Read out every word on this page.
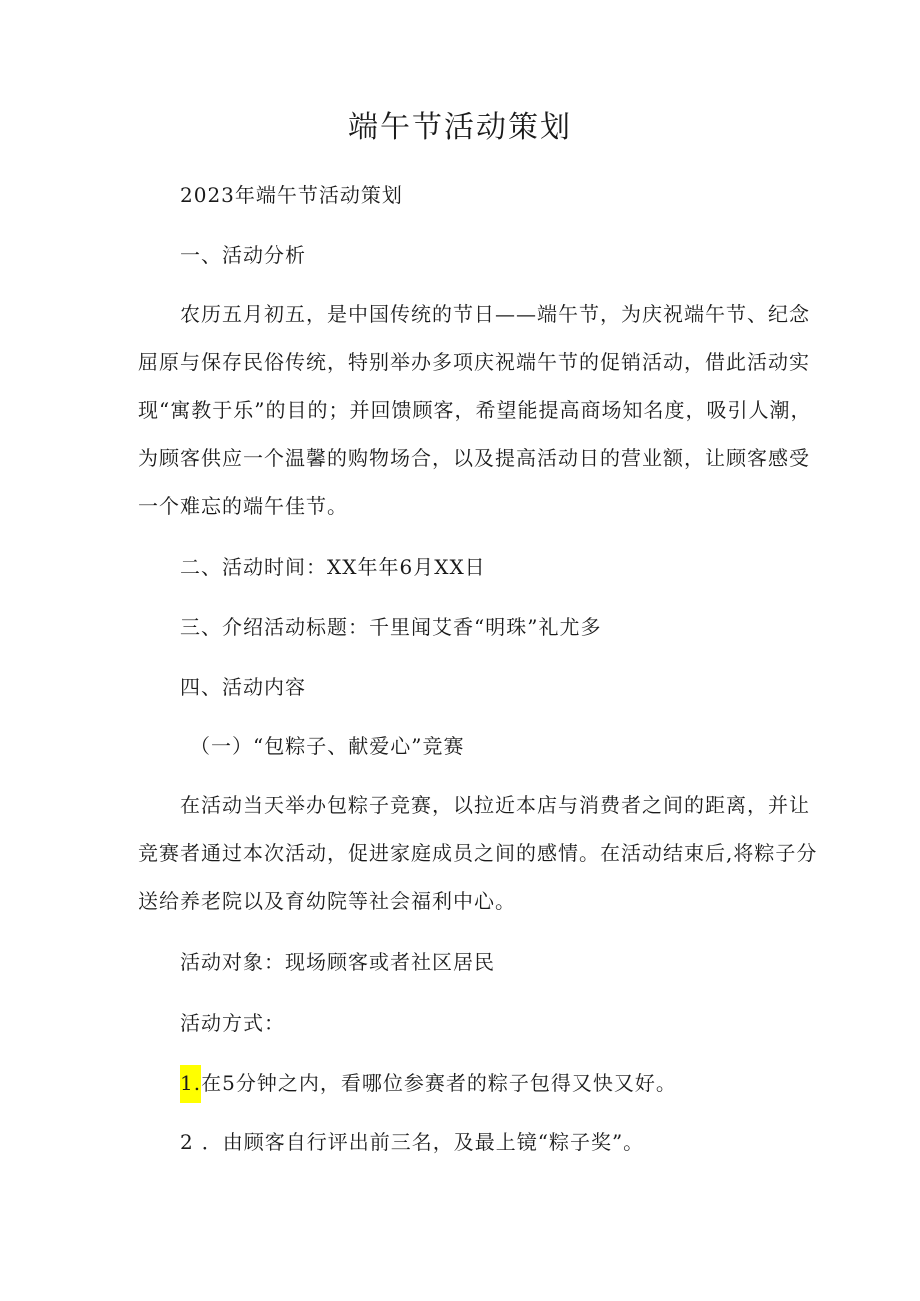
端午节活动策划
2023年端午节活动策划
一、活动分析
农历五月初五，是中国传统的节日——端午节，为庆祝端午节、纪念
屈原与保存民俗传统，特别举办多项庆祝端午节的促销活动，借此活动实
现“寓教于乐”的目的；并回馈顾客，希望能提高商场知名度，吸引人潮，
为顾客供应一个温馨的购物场合，以及提高活动日的营业额，让顾客感受
一个难忘的端午佳节。
二、活动时间：XX年年6月XX日
三、介绍活动标题：千里闻艾香“明珠”礼尤多
四、活动内容
（一）“包粽子、献爱心”竞赛
在活动当天举办包粽子竞赛，以拉近本店与消费者之间的距离，并让
竞赛者通过本次活动，促进家庭成员之间的感情。在活动结束后,将粽子分
送给养老院以及育幼院等社会福利中心。
活动对象：现场顾客或者社区居民
活动方式：
1.在5分钟之内，看哪位参赛者的粽子包得又快又好。
2 ．由顾客自行评出前三名，及最上镜“粽子奖”。
